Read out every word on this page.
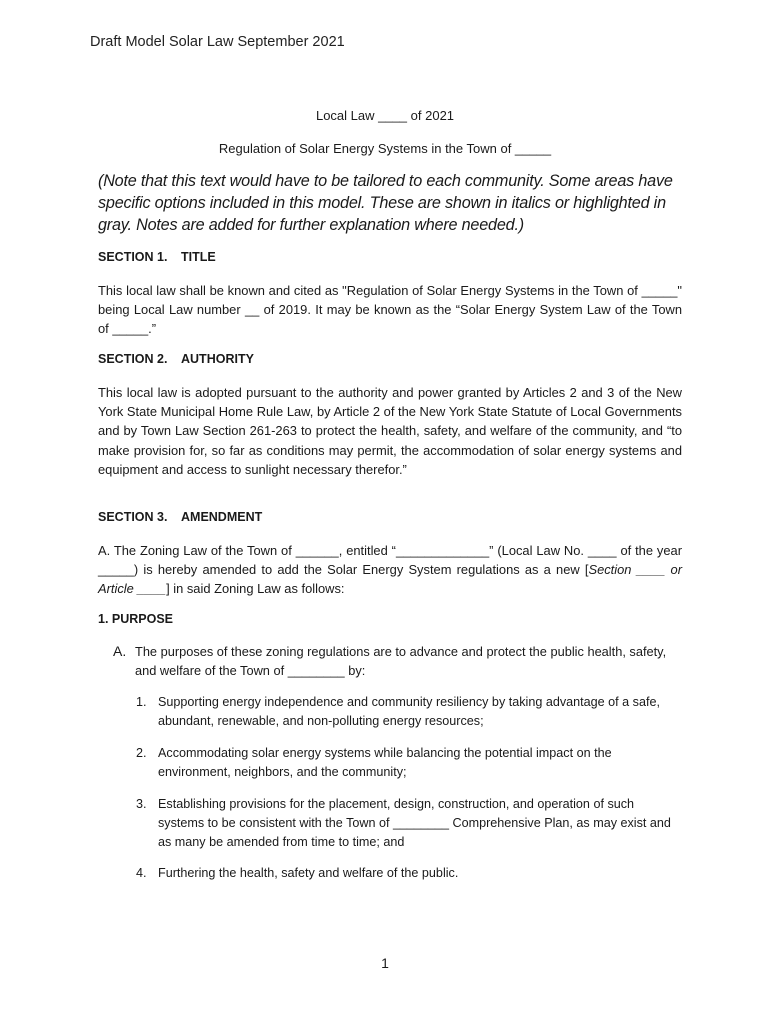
Draft Model Solar Law September 2021
Local Law ____ of 2021
Regulation of Solar Energy Systems in the Town of _____
(Note that this text would have to be tailored to each community. Some areas have specific options included in this model. These are shown in italics or highlighted in gray. Notes are added for further explanation where needed.)
SECTION 1. TITLE
This local law shall be known and cited as "Regulation of Solar Energy Systems in the Town of _____" being Local Law number __ of 2019. It may be known as the “Solar Energy System Law of the Town of _____.”
SECTION 2. AUTHORITY
This local law is adopted pursuant to the authority and power granted by Articles 2 and 3 of the New York State Municipal Home Rule Law, by Article 2 of the New York State Statute of Local Governments and by Town Law Section 261-263 to protect the health, safety, and welfare of the community, and “to make provision for, so far as conditions may permit, the accommodation of solar energy systems and equipment and access to sunlight necessary therefor.”
SECTION 3. AMENDMENT
A. The Zoning Law of the Town of ______, entitled “_____________” (Local Law No. ____ of the year _____) is hereby amended to add the Solar Energy System regulations as a new [Section ____ or Article ____] in said Zoning Law as follows:
1. PURPOSE
A. The purposes of these zoning regulations are to advance and protect the public health, safety, and welfare of the Town of ________ by:
1. Supporting energy independence and community resiliency by taking advantage of a safe, abundant, renewable, and non-polluting energy resources;
2. Accommodating solar energy systems while balancing the potential impact on the environment, neighbors, and the community;
3. Establishing provisions for the placement, design, construction, and operation of such systems to be consistent with the Town of ________ Comprehensive Plan, as may exist and as many be amended from time to time; and
4. Furthering the health, safety and welfare of the public.
1
